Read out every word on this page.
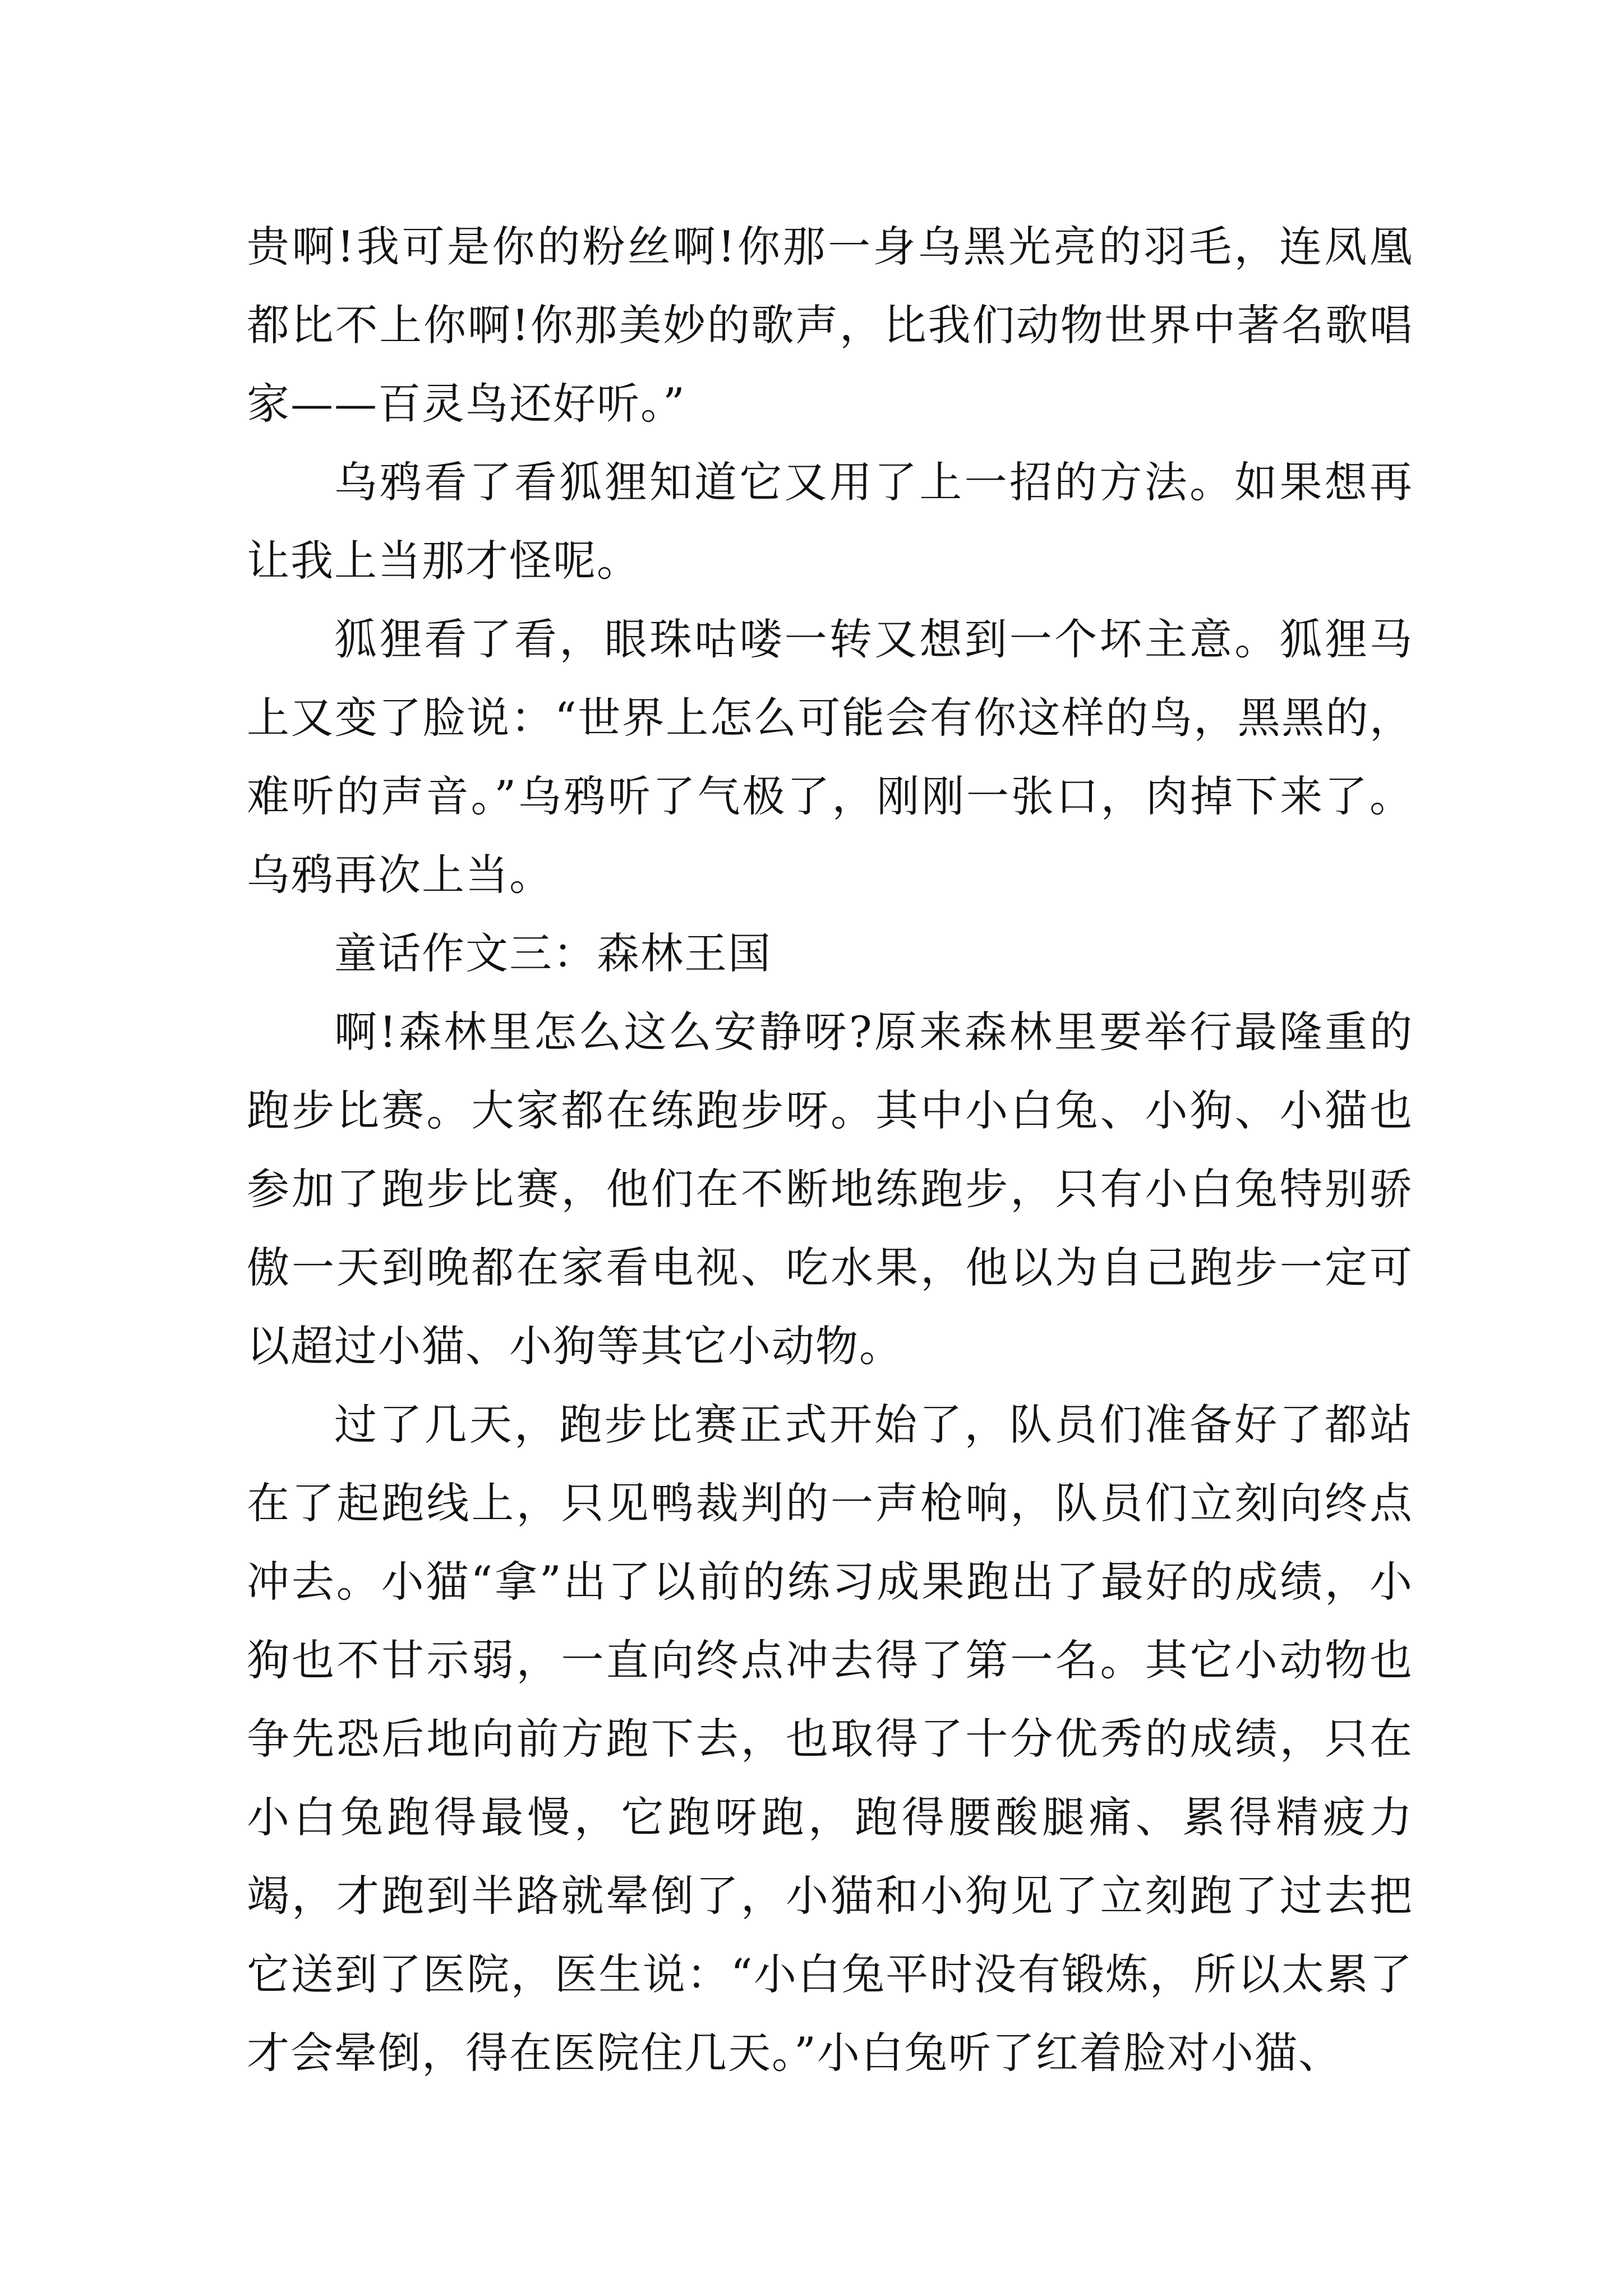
贵啊!我可是你的粉丝啊!你那一身乌黑光亮的羽毛，连凤凰都比不上你啊!你那美妙的歌声，比我们动物世界中著名歌唱家——百灵鸟还好听。”

乌鸦看了看狐狸知道它又用了上一招的方法。如果想再让我上当那才怪呢。

狐狸看了看，眼珠咕喽一转又想到一个坏主意。狐狸马上又变了脸说：“世界上怎么可能会有你这样的鸟，黑黑的，难听的声音。”乌鸦听了气极了，刚刚一张口，肉掉下来了。乌鸦再次上当。

童话作文三：森林王国

啊!森林里怎么这么安静呀?原来森林里要举行最隆重的跑步比赛。大家都在练跑步呀。其中小白兔、小狗、小猫也参加了跑步比赛，他们在不断地练跑步，只有小白兔特别骄傲一天到晚都在家看电视、吃水果，他以为自己跑步一定可以超过小猫、小狗等其它小动物。

过了几天，跑步比赛正式开始了，队员们准备好了都站在了起跑线上，只见鸭裁判的一声枪响，队员们立刻向终点冲去。小猫“拿”出了以前的练习成果跑出了最好的成绩，小狗也不甘示弱，一直向终点冲去得了第一名。其它小动物也争先恐后地向前方跑下去，也取得了十分优秀的成绩，只在小白兔跑得最慢，它跑呀跑，跑得腰酸腿痛、累得精疲力竭，才跑到半路就晕倒了，小猫和小狗见了立刻跑了过去把它送到了医院，医生说：“小白兔平时没有锻炼，所以太累了才会晕倒，得在医院住几天。”小白兔听了红着脸对小猫、
